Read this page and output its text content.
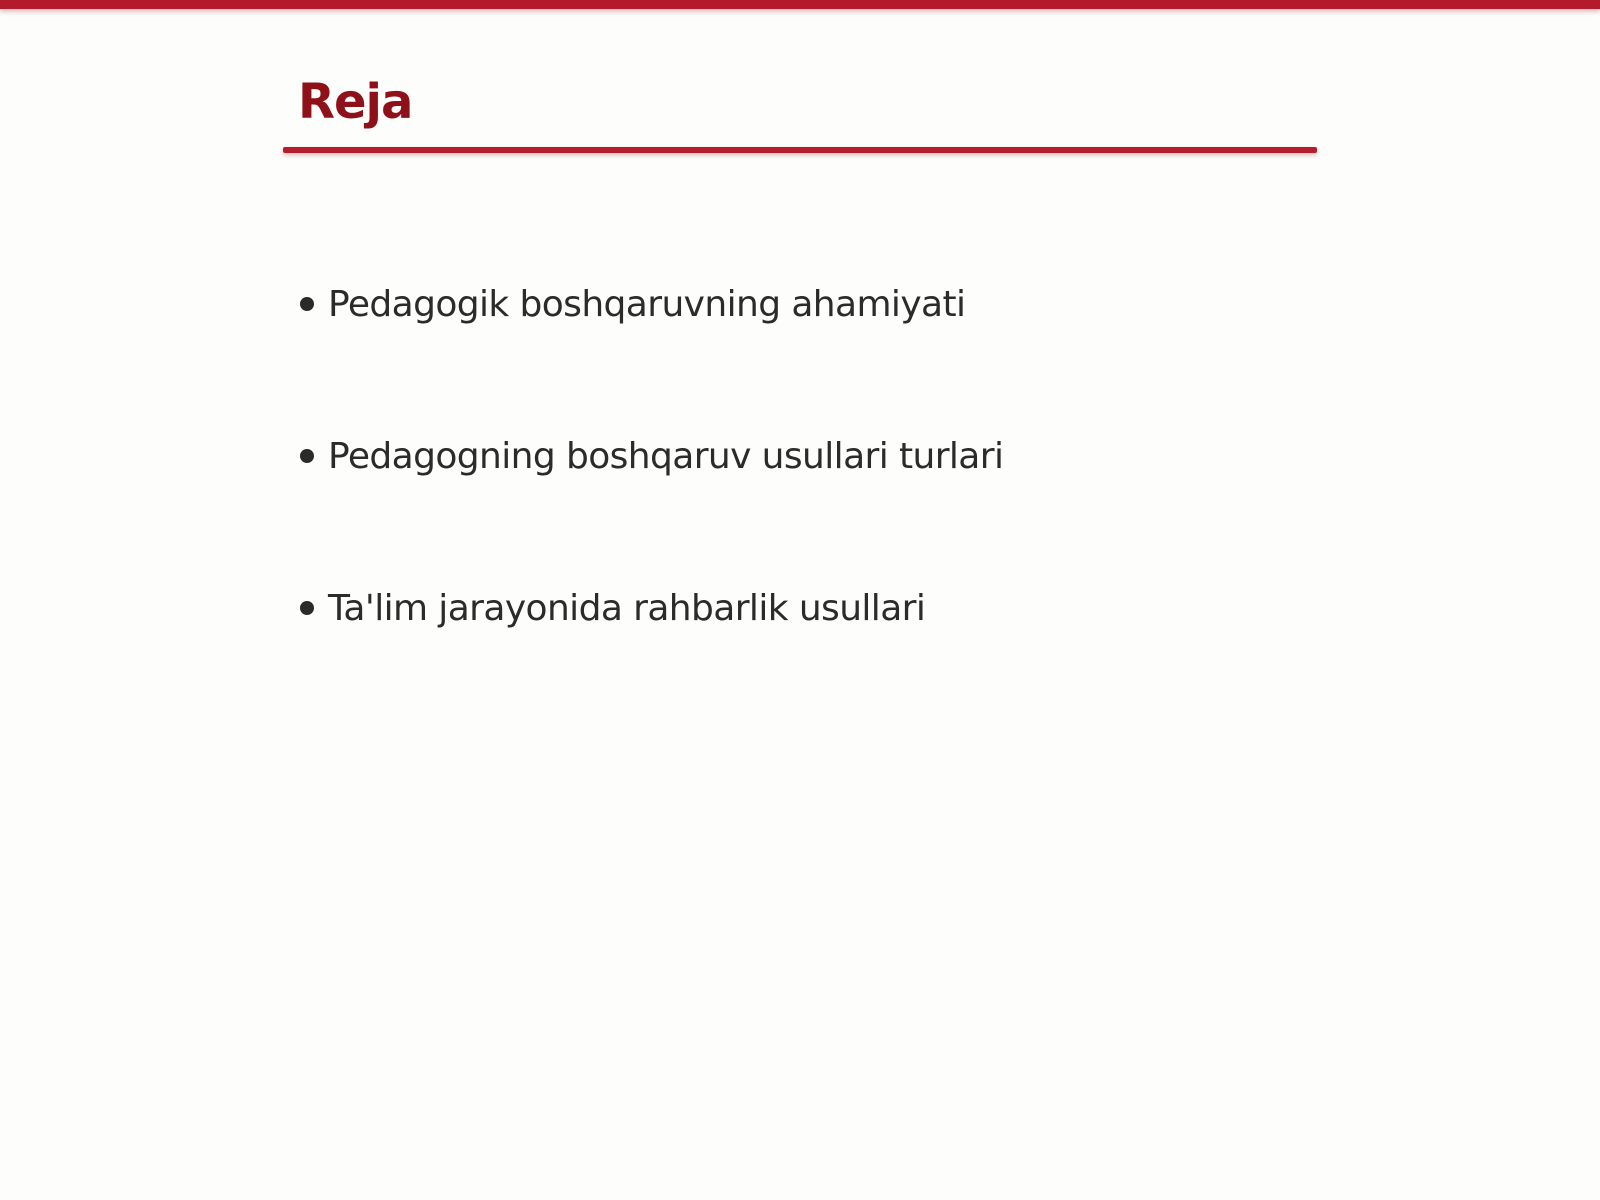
Reja
Pedagogik boshqaruvning ahamiyati
Pedagogning boshqaruv usullari turlari
Ta'lim jarayonida rahbarlik usullari
